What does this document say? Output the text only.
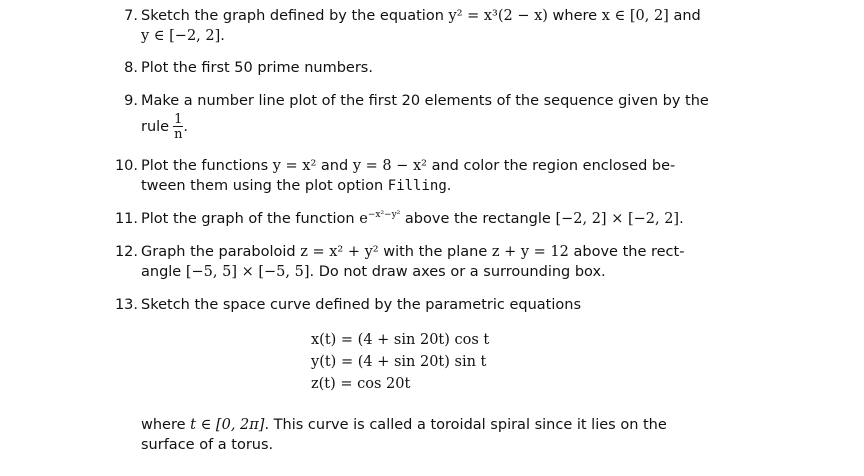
7. Sketch the graph defined by the equation y² = x³(2 − x) where x ∈ [0, 2] and
y ∈ [−2, 2].
8. Plot the first 50 prime numbers.
9. Make a number line plot of the first 20 elements of the sequence given by the
rule $\frac{1}{n}$ .
10. Plot the functions y = x² and y = 8 − x² and color the region enclosed be-
tween them using the plot option Filling.
11. Plot the graph of the function $e^{-x^2-y^2}$ above the rectangle [−2, 2] × [−2, 2].
12. Graph the paraboloid z = x² + y² with the plane z + y = 12 above the rect-
angle [−5, 5] × [−5, 5]. Do not draw axes or a surrounding box.
13. Sketch the space curve defined by the parametric equations
x(t) = (4 + sin 20t) cos t
y(t) = (4 + sin 20t) sin t
z(t) = cos 20t
where t ∈ [0, 2π]. This curve is called a toroidal spiral since it lies on the
surface of a torus.
